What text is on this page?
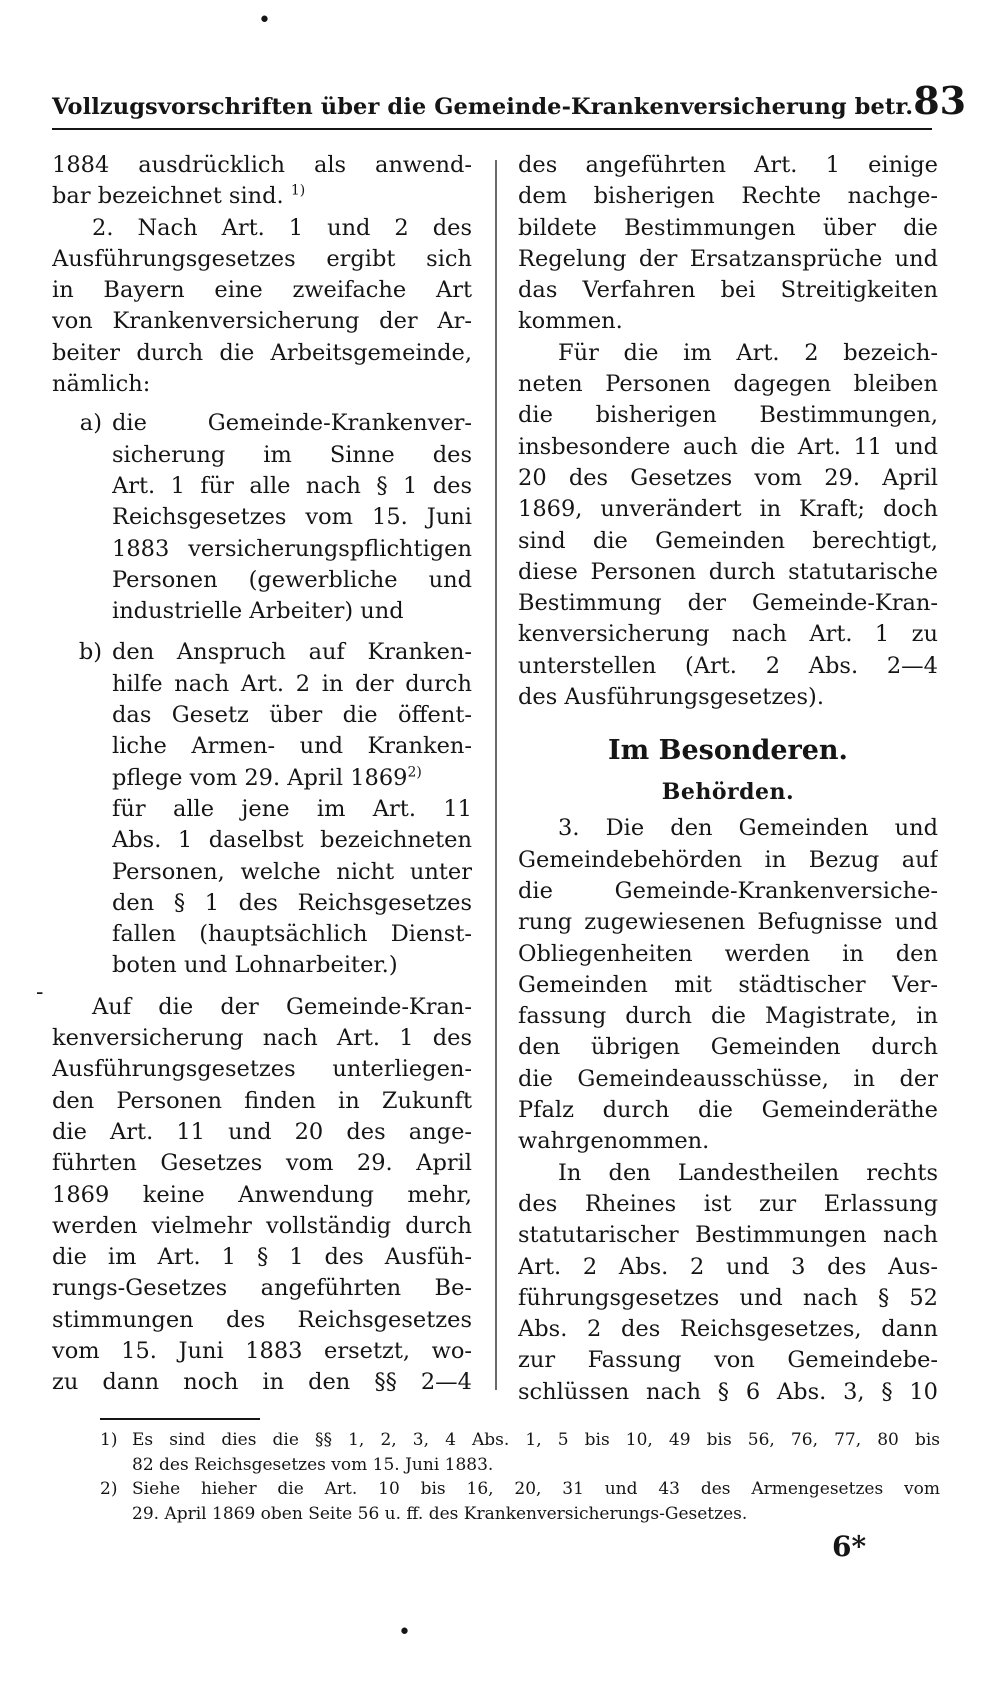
•
Vollzugsvorschriften über die Gemeinde-Krankenversicherung betr. 83

1884 ausdrücklich als anwend-
bar bezeichnet sind. $^{1)}$

2. Nach Art. 1 und 2 des
Ausführungsgesetzes ergibt sich
in Bayern eine zweifache Art
von Krankenversicherung der Ar-
beiter durch die Arbeitsgemeinde,
nämlich:

a) die Gemeinde-Krankenver-
sicherung im Sinne des
Art. 1 für alle nach § 1 des
Reichsgesetzes vom 15. Juni
1883 versicherungspflichtigen
Personen (gewerbliche und
industrielle Arbeiter) und
b) den Anspruch auf Kranken-
hilfe nach Art. 2 in der durch
das Gesetz über die öffent-
liche Armen- und Kranken-
pflege vom 29. April 1869$^{2)}$
für alle jene im Art. 11
Abs. 1 daselbst bezeichneten
Personen, welche nicht unter
den § 1 des Reichsgesetzes
fallen (hauptsächlich Dienst-
boten und Lohnarbeiter.)

Auf die der Gemeinde-Kran-
kenversicherung nach Art. 1 des
Ausführungsgesetzes unterliegen-
den Personen finden in Zukunft
die Art. 11 und 20 des ange-
führten Gesetzes vom 29. April
1869 keine Anwendung mehr,
werden vielmehr vollständig durch
die im Art. 1 § 1 des Ausfüh-
rungs-Gesetzes angeführten Be-
stimmungen des Reichsgesetzes
vom 15. Juni 1883 ersetzt, wo-
zu dann noch in den §§ 2—4

-

des angeführten Art. 1 einige
dem bisherigen Rechte nachge-
bildete Bestimmungen über die
Regelung der Ersatzansprüche und
das Verfahren bei Streitigkeiten
kommen.

Für die im Art. 2 bezeich-
neten Personen dagegen bleiben
die bisherigen Bestimmungen,
insbesondere auch die Art. 11 und
20 des Gesetzes vom 29. April
1869, unverändert in Kraft; doch
sind die Gemeinden berechtigt,
diese Personen durch statutarische
Bestimmung der Gemeinde-Kran-
kenversicherung nach Art. 1 zu
unterstellen (Art. 2 Abs. 2—4
des Ausführungsgesetzes).

Im Besonderen.
Behörden.

3. Die den Gemeinden und
Gemeindebehörden in Bezug auf
die Gemeinde-Krankenversiche-
rung zugewiesenen Befugnisse und
Obliegenheiten werden in den
Gemeinden mit städtischer Ver-
fassung durch die Magistrate, in
den übrigen Gemeinden durch
die Gemeindeausschüsse, in der
Pfalz durch die Gemeinderäthe
wahrgenommen.

In den Landestheilen rechts
des Rheines ist zur Erlassung
statutarischer Bestimmungen nach
Art. 2 Abs. 2 und 3 des Aus-
führungsgesetzes und nach § 52
Abs. 2 des Reichsgesetzes, dann
zur Fassung von Gemeindebe-
schlüssen nach § 6 Abs. 3, § 10

1) Es sind dies die §§ 1, 2, 3, 4 Abs. 1, 5 bis 10, 49 bis 56, 76, 77, 80 bis
82 des Reichsgesetzes vom 15. Juni 1883.
2) Siehe hieher die Art. 10 bis 16, 20, 31 und 43 des Armengesetzes vom
29. April 1869 oben Seite 56 u. ff. des Krankenversicherungs-Gesetzes.
6*
•
